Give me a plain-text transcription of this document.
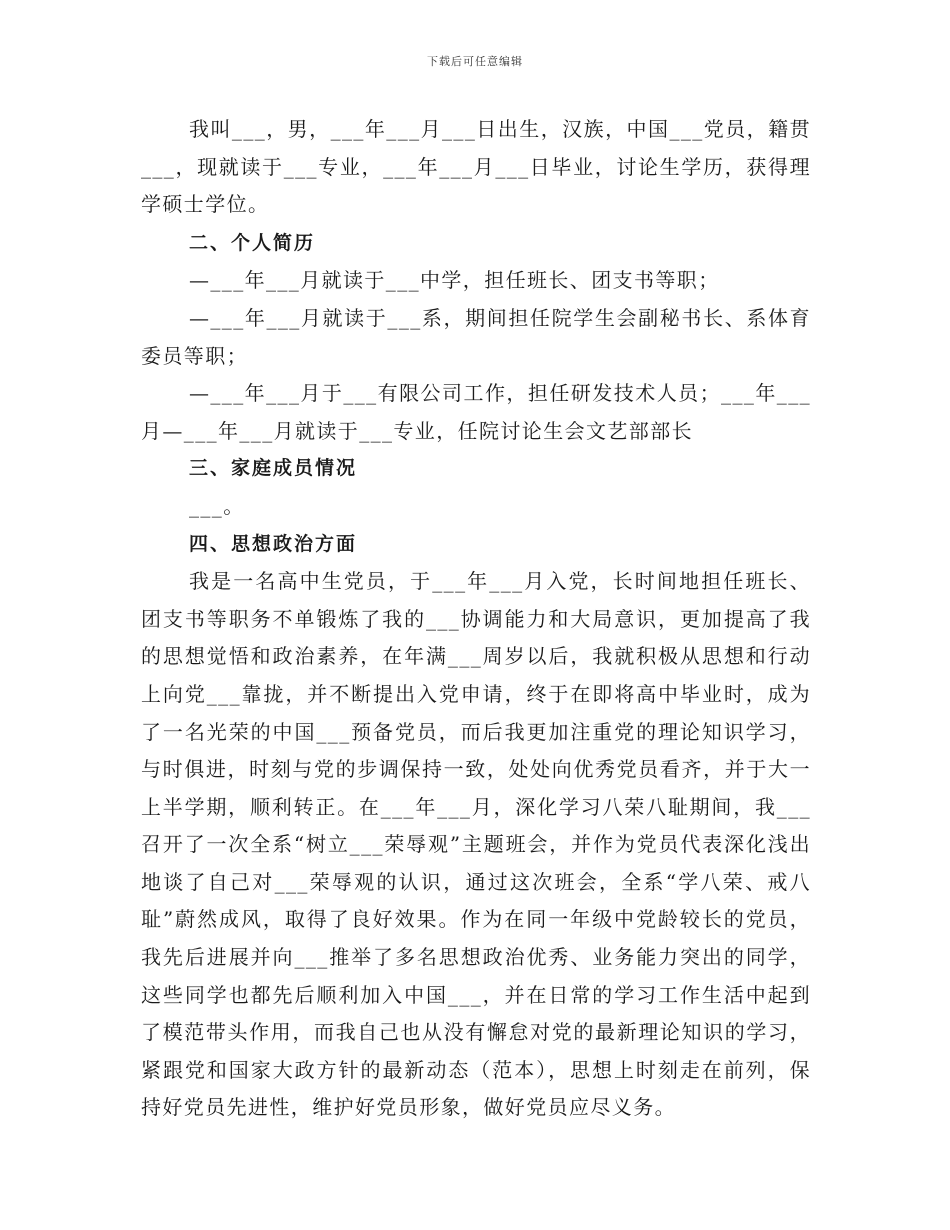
下载后可任意编辑

我叫___，男，___年___月___日出生，汉族，中国___党员，籍贯___，现就读于___专业，___年___月___日毕业，讨论生学历，获得理学硕士学位。

二、个人简历

—___年___月就读于___中学，担任班长、团支书等职；

—___年___月就读于___系，期间担任院学生会副秘书长、系体育委员等职；

—___年___月于___有限公司工作，担任研发技术人员；___年___月—___年___月就读于___专业，任院讨论生会文艺部部长

三、家庭成员情况

___。

四、思想政治方面

我是一名高中生党员，于___年___月入党，长时间地担任班长、团支书等职务不单锻炼了我的___协调能力和大局意识，更加提高了我的思想觉悟和政治素养，在年满___周岁以后，我就积极从思想和行动上向党___靠拢，并不断提出入党申请，终于在即将高中毕业时，成为了一名光荣的中国___预备党员，而后我更加注重党的理论知识学习，与时俱进，时刻与党的步调保持一致，处处向优秀党员看齐，并于大一上半学期，顺利转正。在___年___月，深化学习八荣八耻期间，我___召开了一次全系“树立___荣辱观”主题班会，并作为党员代表深化浅出地谈了自己对___荣辱观的认识，通过这次班会，全系“学八荣、戒八耻”蔚然成风，取得了良好效果。作为在同一年级中党龄较长的党员，我先后进展并向___推举了多名思想政治优秀、业务能力突出的同学，这些同学也都先后顺利加入中国___，并在日常的学习工作生活中起到了模范带头作用，而我自己也从没有懈怠对党的最新理论知识的学习，紧跟党和国家大政方针的最新动态（范本），思想上时刻走在前列，保持好党员先进性，维护好党员形象，做好党员应尽义务。
